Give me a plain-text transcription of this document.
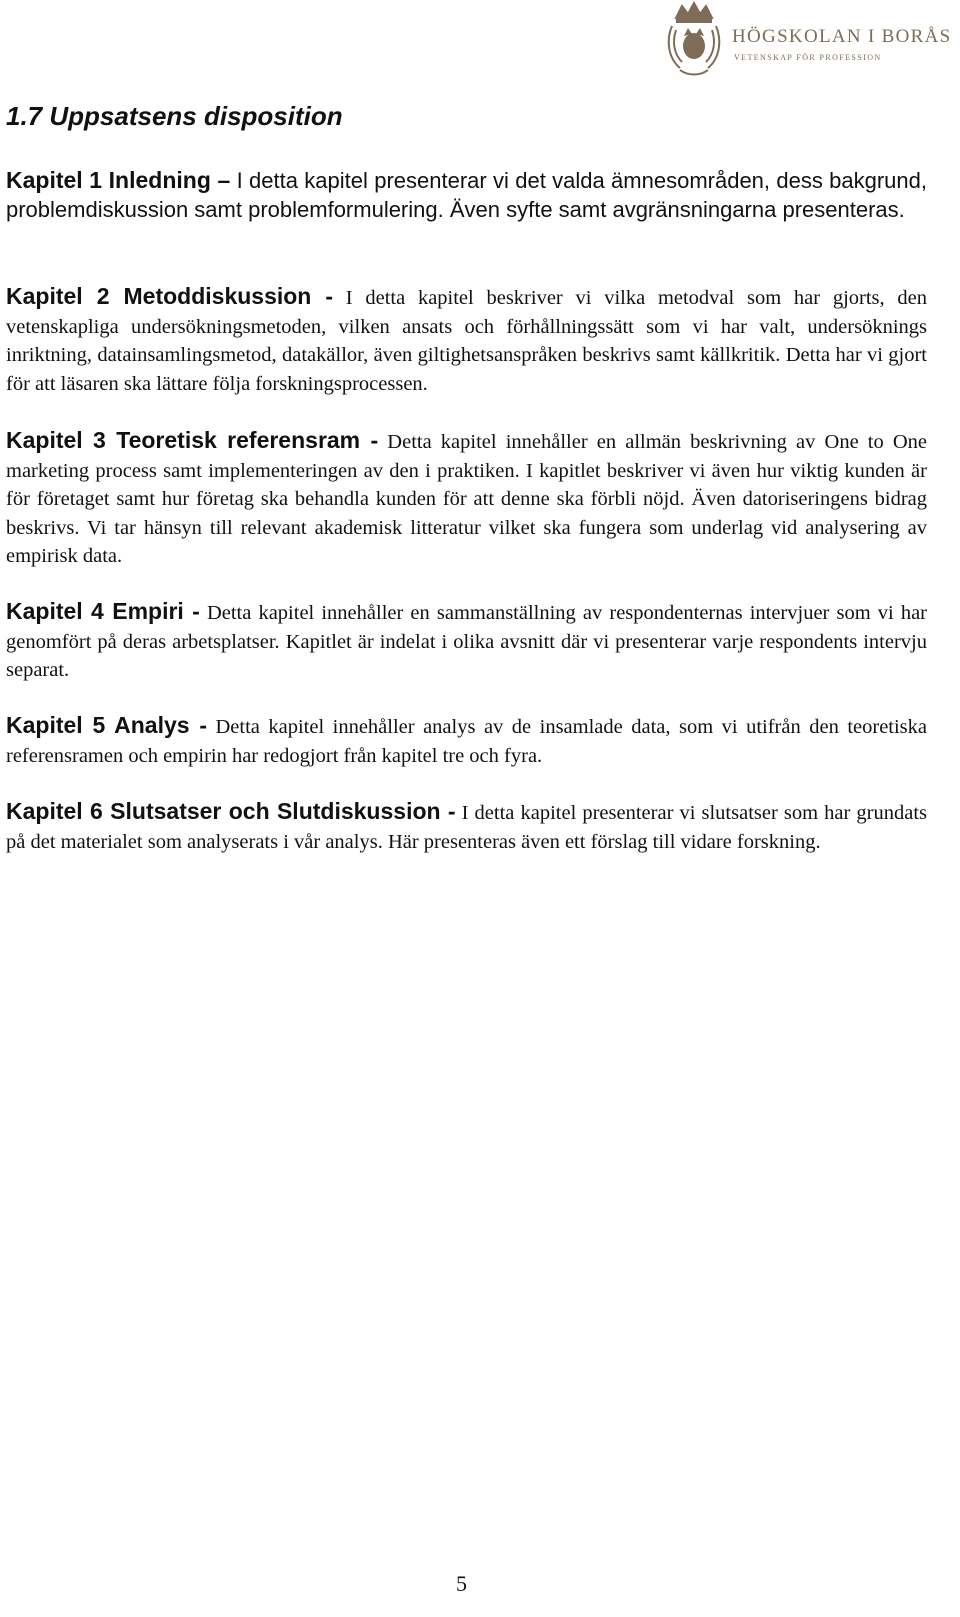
HÖGSKOLAN I BORÅS
VETENSKAP FÖR PROFESSION
1.7 Uppsatsens disposition

Kapitel 1 Inledning – I detta kapitel presenterar vi det valda ämnesområden, dess bakgrund, problemdiskussion samt problemformulering. Även syfte samt avgränsningarna presenteras.

Kapitel 2 Metoddiskussion - I detta kapitel beskriver vi vilka metodval som har gjorts, den vetenskapliga undersökningsmetoden, vilken ansats och förhållningssätt som vi har valt, undersöknings inriktning, datainsamlingsmetod, datakällor, även giltighetsanspråken beskrivs samt källkritik. Detta har vi gjort för att läsaren ska lättare följa forskningsprocessen.

Kapitel 3 Teoretisk referensram - Detta kapitel innehåller en allmän beskrivning av One to One marketing process samt implementeringen av den i praktiken. I kapitlet beskriver vi även hur viktig kunden är för företaget samt hur företag ska behandla kunden för att denne ska förbli nöjd. Även datoriseringens bidrag beskrivs. Vi tar hänsyn till relevant akademisk litteratur vilket ska fungera som underlag vid analysering av empirisk data.

Kapitel 4 Empiri - Detta kapitel innehåller en sammanställning av respondenternas intervjuer som vi har genomfört på deras arbetsplatser. Kapitlet är indelat i olika avsnitt där vi presenterar varje respondents intervju separat.

Kapitel 5 Analys - Detta kapitel innehåller analys av de insamlade data, som vi utifrån den teoretiska referensramen och empirin har redogjort från kapitel tre och fyra.

Kapitel 6 Slutsatser och Slutdiskussion - I detta kapitel presenterar vi slutsatser som har grundats på det materialet som analyserats i vår analys. Här presenteras även ett förslag till vidare forskning.

5
